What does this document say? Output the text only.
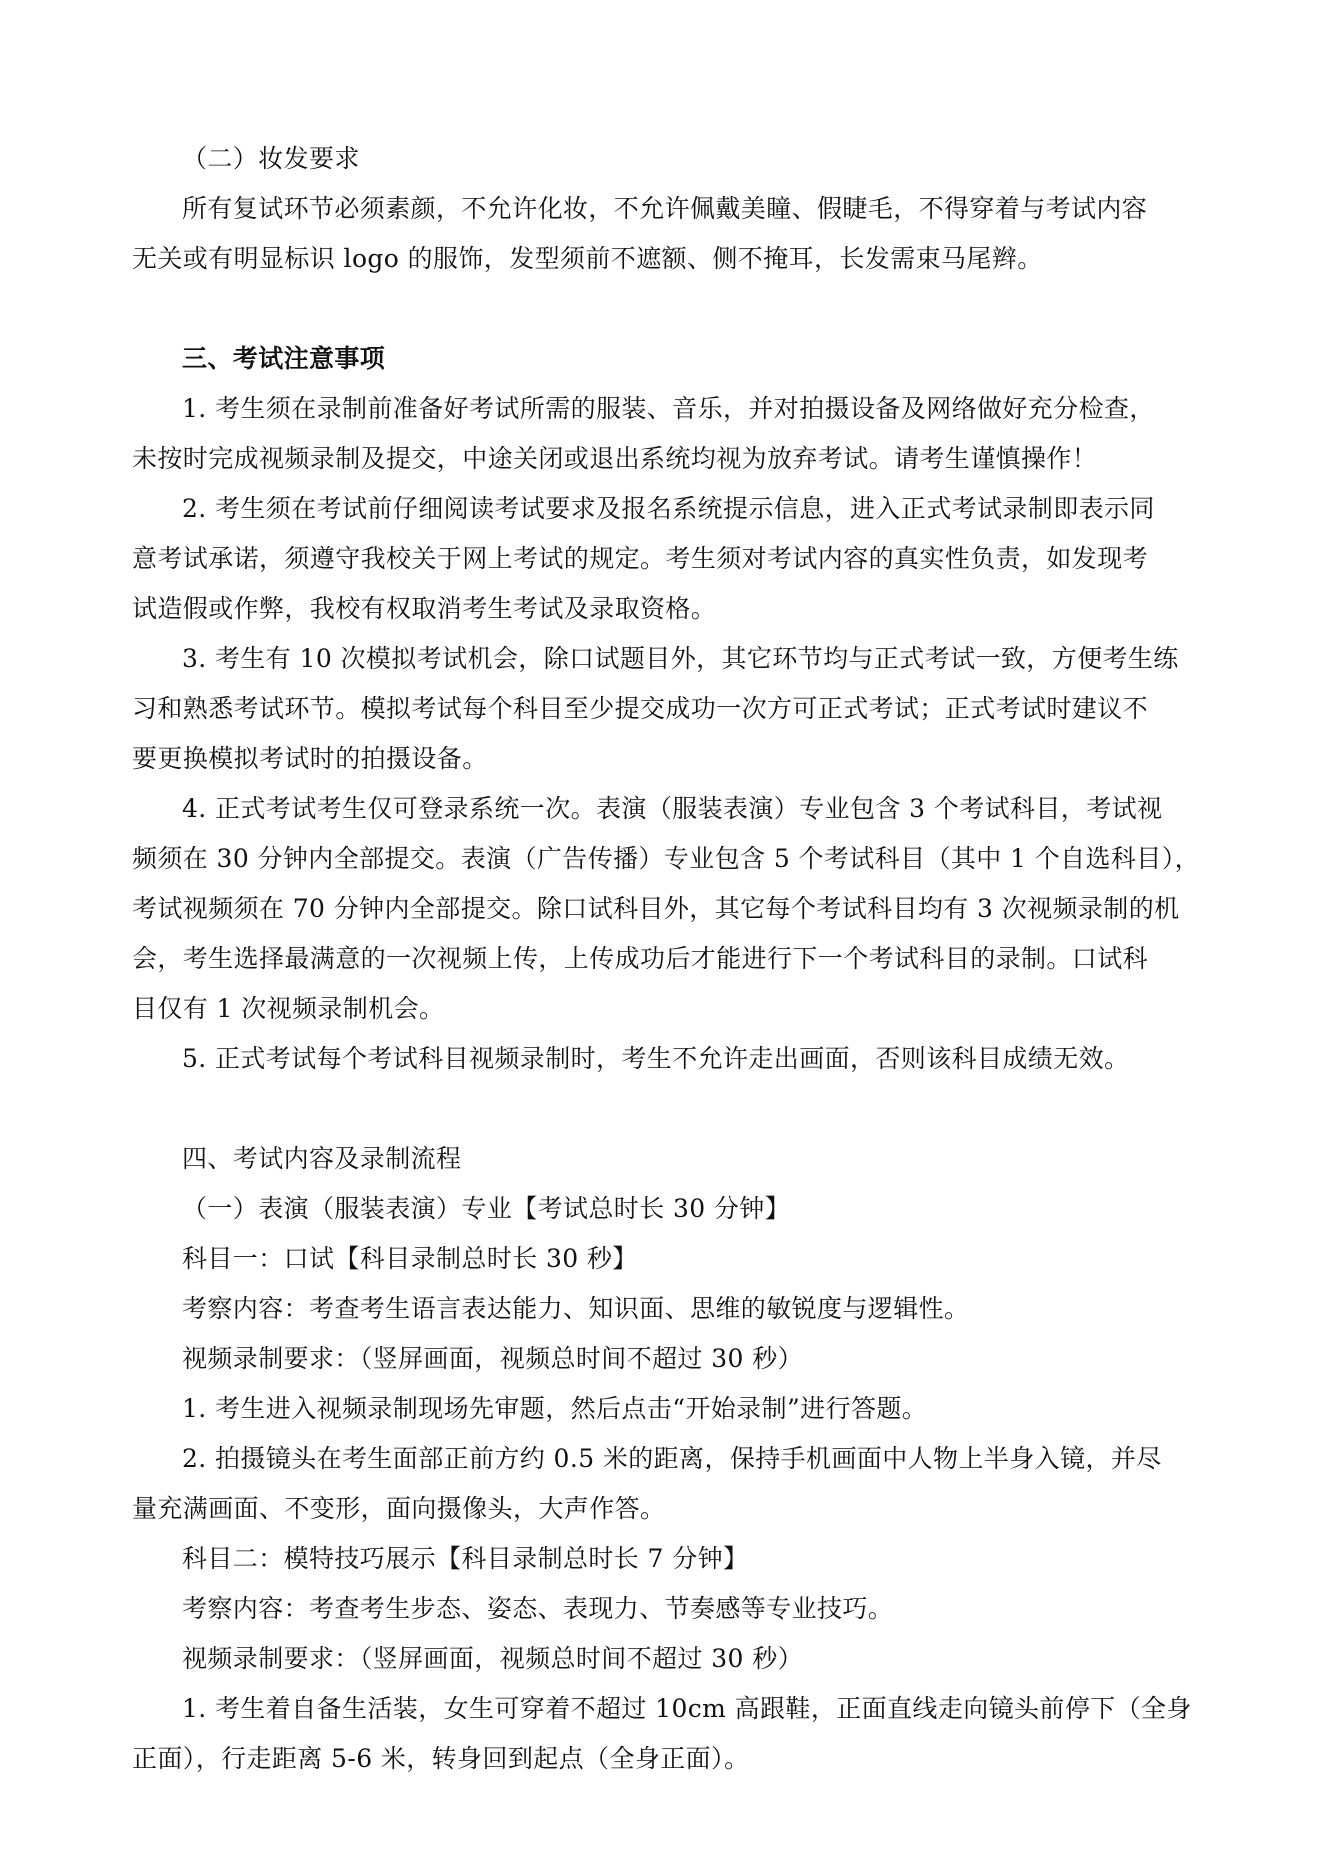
（二）妆发要求
所有复试环节必须素颜，不允许化妆，不允许佩戴美瞳、假睫毛，不得穿着与考试内容
无关或有明显标识 logo 的服饰，发型须前不遮额、侧不掩耳，长发需束马尾辫。
三、考试注意事项
1. 考生须在录制前准备好考试所需的服装、音乐，并对拍摄设备及网络做好充分检查，
未按时完成视频录制及提交，中途关闭或退出系统均视为放弃考试。请考生谨慎操作！
2. 考生须在考试前仔细阅读考试要求及报名系统提示信息，进入正式考试录制即表示同
意考试承诺，须遵守我校关于网上考试的规定。考生须对考试内容的真实性负责，如发现考
试造假或作弊，我校有权取消考生考试及录取资格。
3. 考生有 10 次模拟考试机会，除口试题目外，其它环节均与正式考试一致，方便考生练
习和熟悉考试环节。模拟考试每个科目至少提交成功一次方可正式考试；正式考试时建议不
要更换模拟考试时的拍摄设备。
4. 正式考试考生仅可登录系统一次。表演（服装表演）专业包含 3 个考试科目，考试视
频须在 30 分钟内全部提交。表演（广告传播）专业包含 5 个考试科目（其中 1 个自选科目），
考试视频须在 70 分钟内全部提交。除口试科目外，其它每个考试科目均有 3 次视频录制的机
会，考生选择最满意的一次视频上传，上传成功后才能进行下一个考试科目的录制。口试科
目仅有 1 次视频录制机会。
5. 正式考试每个考试科目视频录制时，考生不允许走出画面，否则该科目成绩无效。
四、考试内容及录制流程
（一）表演（服装表演）专业【考试总时长 30 分钟】
科目一：口试【科目录制总时长 30 秒】
考察内容：考查考生语言表达能力、知识面、思维的敏锐度与逻辑性。
视频录制要求：（竖屏画面，视频总时间不超过 30 秒）
1. 考生进入视频录制现场先审题，然后点击“开始录制”进行答题。
2. 拍摄镜头在考生面部正前方约 0.5 米的距离，保持手机画面中人物上半身入镜，并尽
量充满画面、不变形，面向摄像头，大声作答。
科目二：模特技巧展示【科目录制总时长 7 分钟】
考察内容：考查考生步态、姿态、表现力、节奏感等专业技巧。
视频录制要求：（竖屏画面，视频总时间不超过 30 秒）
1. 考生着自备生活装，女生可穿着不超过 10cm 高跟鞋，正面直线走向镜头前停下（全身
正面），行走距离 5-6 米，转身回到起点（全身正面）。
